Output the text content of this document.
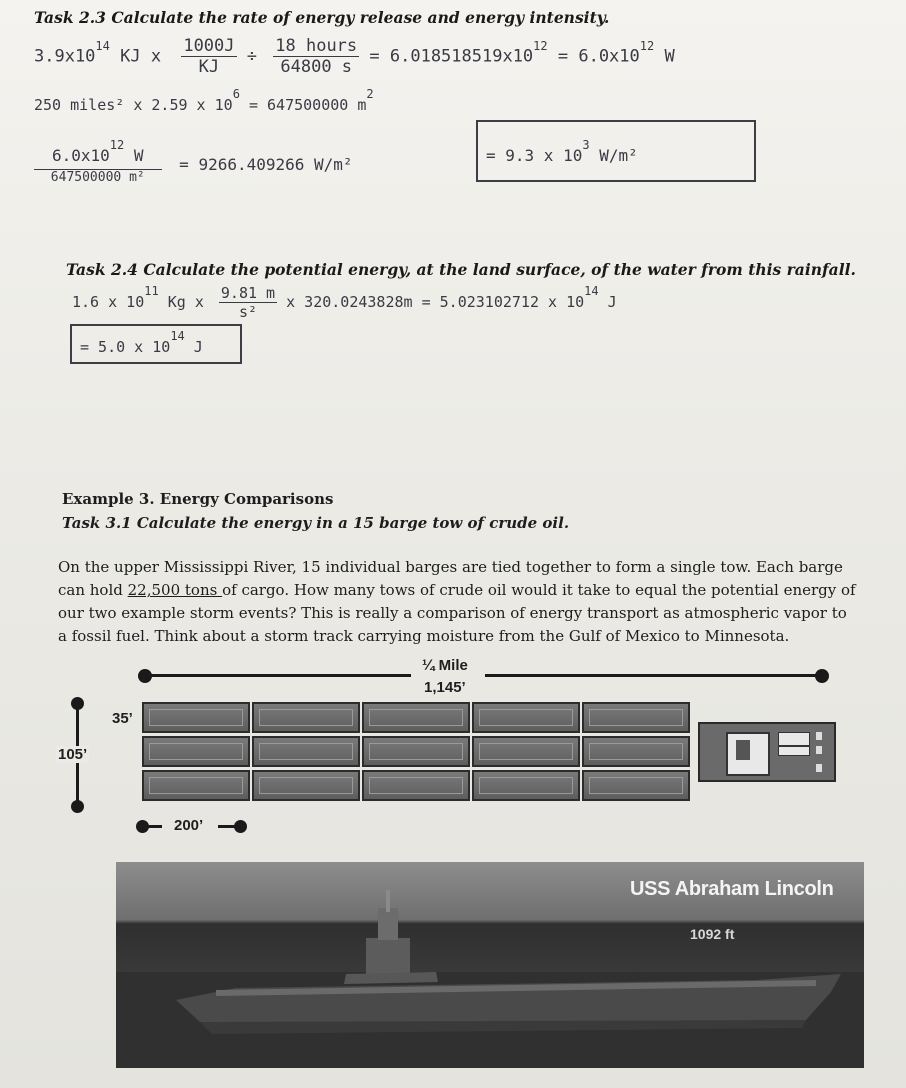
Task 2.3 Calculate the rate of energy release and energy intensity.
$3.9x10^{14}$ KJ x $\frac{1000J}{KJ} \div \frac{\text{18 hours}}{64800 s} = 6.018518519x10^{12} = 6.0x10^{12}$ W
250 miles² x 2.59 x $10^6 = 647500000$ $m^2$
$\frac{6.0x10^{12} W}{\text{647500000 m²}} = 9266.409266$ W/m²	= 9.3 x $10^3$ W/m²
Task 2.4 Calculate the potential energy, at the land surface, of the water from this rainfall.
1.6 x $10^{11}$ Kg x $\frac{9.81 m}{\text{s²}}$ x 320.0243828m = 5.023102712 x $10^{14}$ J
= 5.0 x $10^{14}$ J
Example 3. Energy Comparisons
Task 3.1 Calculate the energy in a 15 barge tow of crude oil.
On the upper Mississippi River, 15 individual barges are tied together to form a single tow. Each barge can hold 22,500 tons of cargo. How many tows of crude oil would it take to equal the potential energy of our two example storm events? This is really a comparison of energy transport as atmospheric vapor to a fossil fuel. Think about a storm track carrying moisture from the Gulf of Mexico to Minnesota.
¼ Mile
1,145’
105’
35’
200’
USS Abraham Lincoln
1092 ft
